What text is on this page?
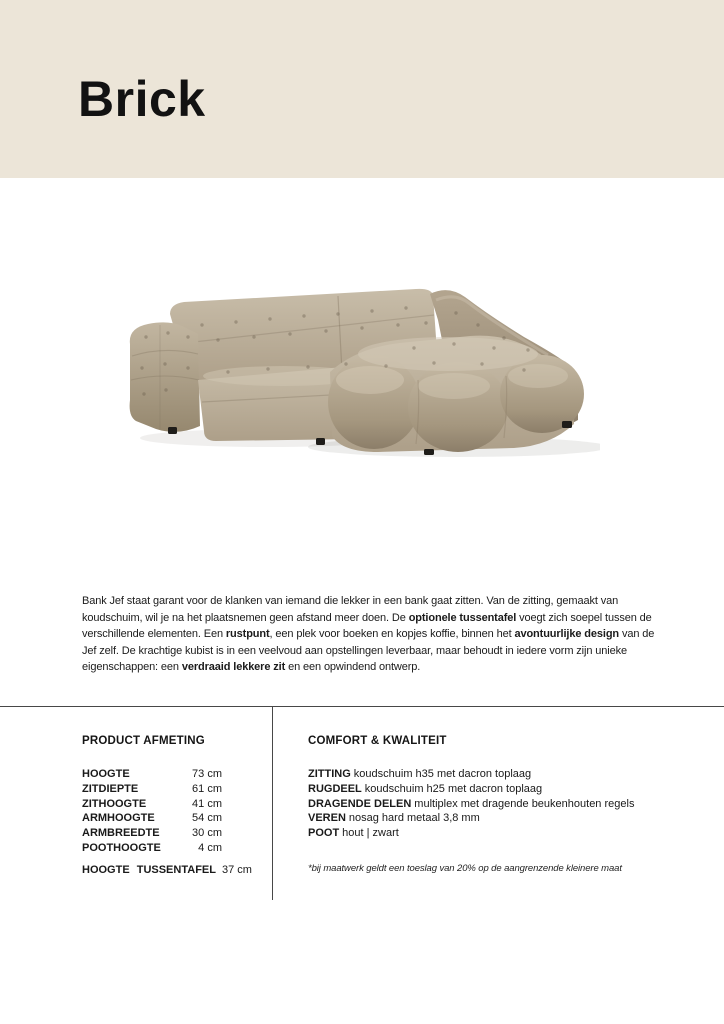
Brick

Bank Jef staat garant voor de klanken van iemand die lekker in een bank gaat zitten. Van de zitting, gemaakt van koudschuim, wil je na het plaatsnemen geen afstand meer doen. De optionele tussentafel voegt zich soepel tussen de verschillende elementen. Een rustpunt, een plek voor boeken en kopjes koffie, binnen het avontuurlijke design van de Jef zelf. De krachtige kubist is in een veelvoud aan opstellingen leverbaar, maar behoudt in iedere vorm zijn unieke eigenschappen: een verdraaid lekkere zit en een opwindend ontwerp.

PRODUCT AFMETING
HOOGTE	73 cm
ZITDIEPTE	61 cm
ZITHOOGTE	41 cm
ARMHOOGTE	54 cm
ARMBREEDTE	30 cm
POOTHOOGTE	4 cm
HOOGTE TUSSENTAFEL 37 cm
COMFORT & KWALITEIT
ZITTING koudschuim h35 met dacron toplaag
RUGDEEL koudschuim h25 met dacron toplaag
DRAGENDE DELEN multiplex met dragende beukenhouten regels
VEREN nosag hard metaal 3,8 mm
POOT hout | zwart
*bij maatwerk geldt een toeslag van 20% op de aangrenzende kleinere maat
